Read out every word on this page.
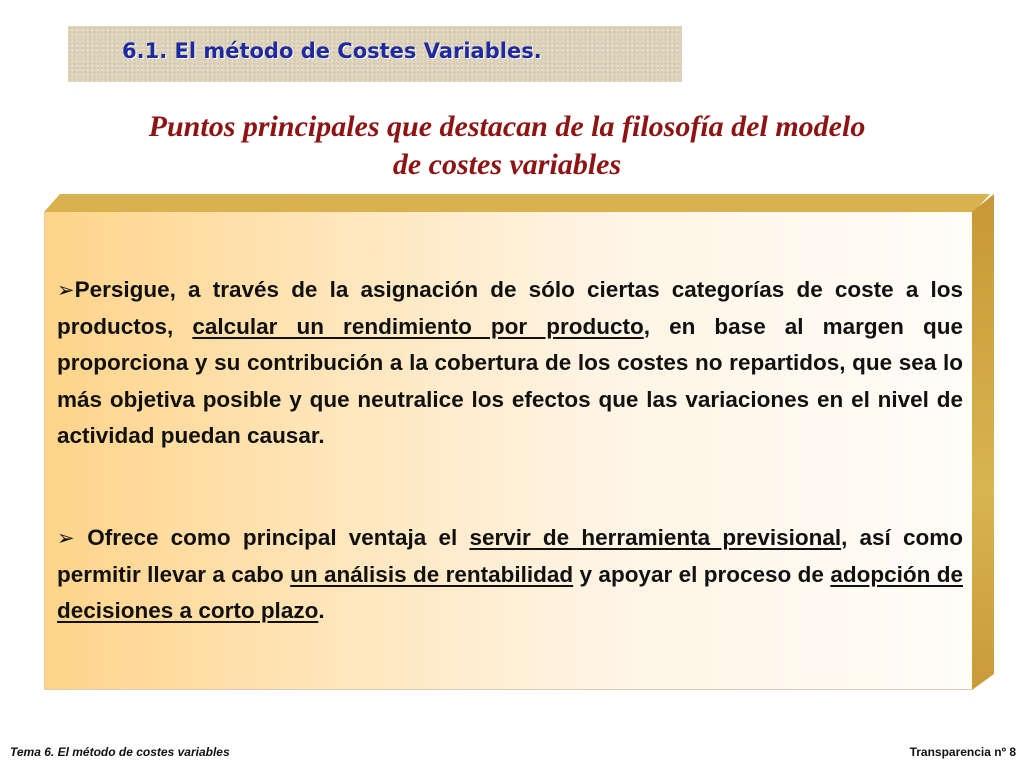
6.1. El método de Costes Variables.
Puntos principales que destacan de la filosofía del modelo
de costes variables
➢Persigue, a través de la asignación de sólo ciertas categorías de coste a los productos, calcular un rendimiento por producto, en base al margen que proporciona y su contribución a la cobertura de los costes no repartidos, que sea lo más objetiva posible y que neutralice los efectos que las variaciones en el nivel de actividad puedan causar.
➢ Ofrece como principal ventaja el servir de herramienta previsional, así como permitir llevar a cabo un análisis de rentabilidad y apoyar el proceso de adopción de decisiones a corto plazo.
Tema 6. El método de costes variables	Transparencia nº 8
